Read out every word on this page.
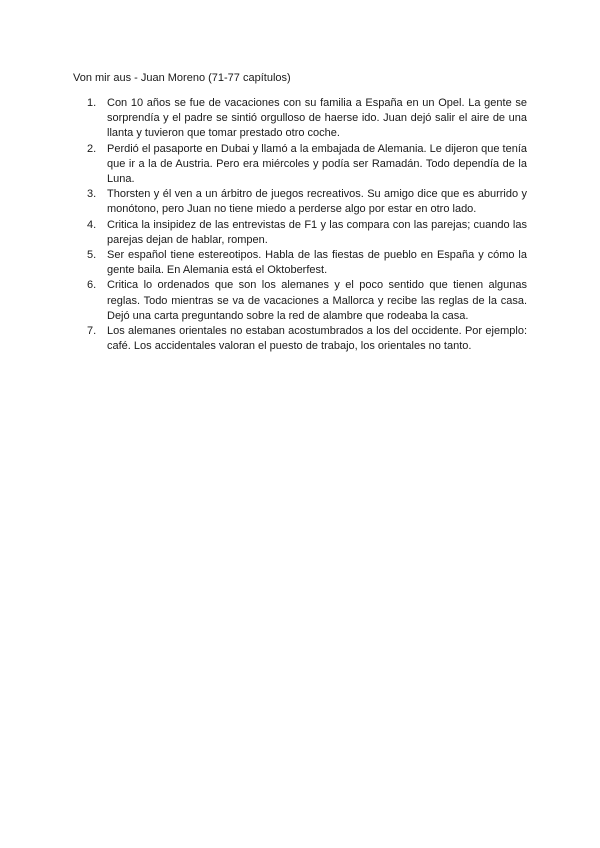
Von mir aus - Juan Moreno (71-77 capítulos)
1. Con 10 años se fue de vacaciones con su familia a España en un Opel. La gente se sorprendía y el padre se sintió orgulloso de haerse ido. Juan dejó salir el aire de una llanta y tuvieron que tomar prestado otro coche.
2. Perdió el pasaporte en Dubai y llamó a la embajada de Alemania. Le dijeron que tenía que ir a la de Austria. Pero era miércoles y podía ser Ramadán. Todo dependía de la Luna.
3. Thorsten y él ven a un árbitro de juegos recreativos. Su amigo dice que es aburrido y monótono, pero Juan no tiene miedo a perderse algo por estar en otro lado.
4. Critica la insipidez de las entrevistas de F1 y las compara con las parejas; cuando las parejas dejan de hablar, rompen.
5. Ser español tiene estereotipos. Habla de las fiestas de pueblo en España y cómo la gente baila. En Alemania está el Oktoberfest.
6. Critica lo ordenados que son los alemanes y el poco sentido que tienen algunas reglas. Todo mientras se va de vacaciones a Mallorca y recibe las reglas de la casa. Dejó una carta preguntando sobre la red de alambre que rodeaba la casa.
7. Los alemanes orientales no estaban acostumbrados a los del occidente. Por ejemplo: café. Los accidentales valoran el puesto de trabajo, los orientales no tanto.
